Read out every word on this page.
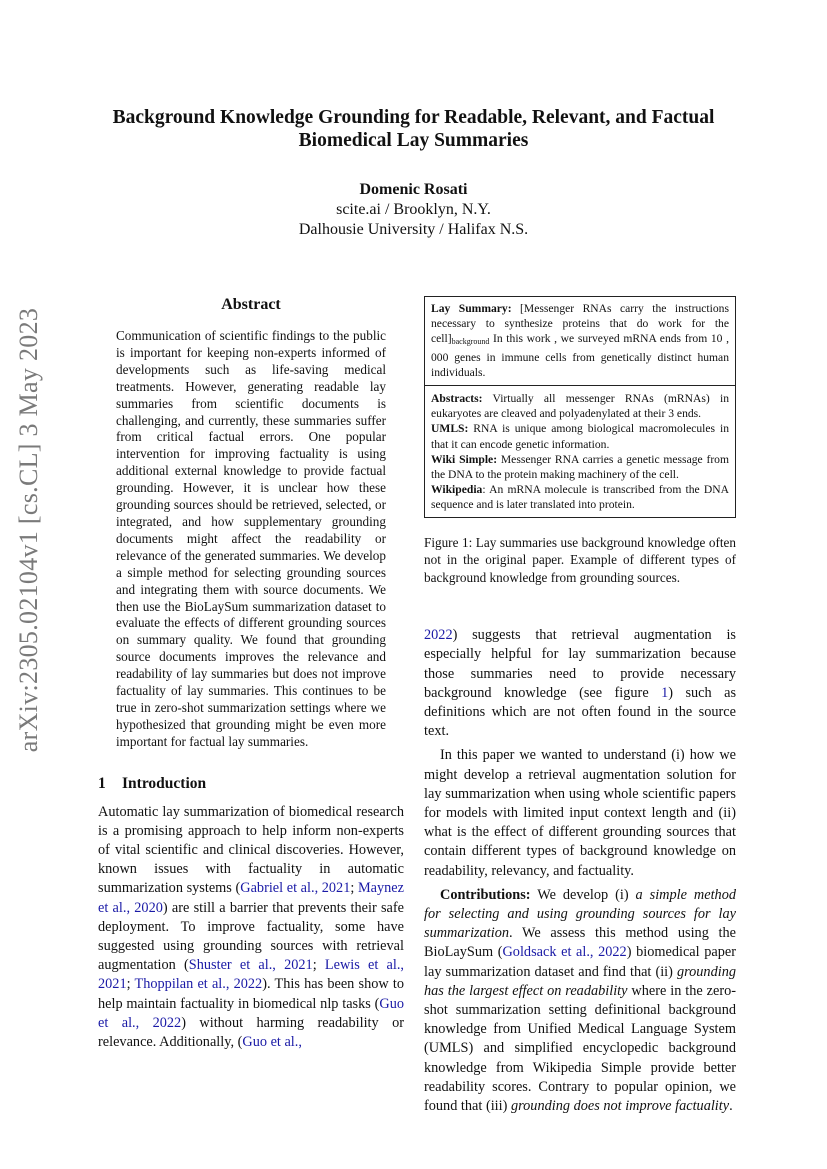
arXiv:2305.02104v1 [cs.CL] 3 May 2023
Background Knowledge Grounding for Readable, Relevant, and Factual
Biomedical Lay Summaries
Domenic Rosati
scite.ai / Brooklyn, N.Y.
Dalhousie University / Halifax N.S.
Abstract

Communication of scientific findings to the public is important for keeping non-experts informed of developments such as life-saving medical treatments. However, generating readable lay summaries from scientific documents is challenging, and currently, these summaries suffer from critical factual errors. One popular intervention for improving factuality is using additional external knowledge to provide factual grounding. However, it is unclear how these grounding sources should be retrieved, selected, or integrated, and how supplementary grounding documents might affect the readability or relevance of the generated summaries. We develop a simple method for selecting grounding sources and integrating them with source documents. We then use the BioLaySum summarization dataset to evaluate the effects of different grounding sources on summary quality. We found that grounding source documents improves the relevance and readability of lay summaries but does not improve factuality of lay summaries. This continues to be true in zero-shot summarization settings where we hypothesized that grounding might be even more important for factual lay summaries.

1 Introduction

Automatic lay summarization of biomedical research is a promising approach to help inform non-experts of vital scientific and clinical discoveries. However, known issues with factuality in automatic summarization systems (Gabriel et al., 2021; Maynez et al., 2020) are still a barrier that prevents their safe deployment. To improve factuality, some have suggested using grounding sources with retrieval augmentation (Shuster et al., 2021; Lewis et al., 2021; Thoppilan et al., 2022). This has been show to help maintain factuality in biomedical nlp tasks (Guo et al., 2022) without harming readability or relevance. Additionally, (Guo et al.,

Lay Summary: [Messenger RNAs carry the instructions necessary to synthesize proteins that do work for the $cell]_{background}$ In this work , we surveyed mRNA ends from 10 , 000 genes in immune cells from genetically distinct human individuals.

Abstracts: Virtually all messenger RNAs (mRNAs) in eukaryotes are cleaved and polyadenylated at their 3 ends.

UMLS: RNA is unique among biological macromolecules in that it can encode genetic information.

Wiki Simple: Messenger RNA carries a genetic message from the DNA to the protein making machinery of the cell.

Wikipedia: An mRNA molecule is transcribed from the DNA sequence and is later translated into protein.

Figure 1: Lay summaries use background knowledge often not in the original paper. Example of different types of background knowledge from grounding sources.

2022) suggests that retrieval augmentation is especially helpful for lay summarization because those summaries need to provide necessary background knowledge (see figure 1) such as definitions which are not often found in the source text.

In this paper we wanted to understand (i) how we might develop a retrieval augmentation solution for lay summarization when using whole scientific papers for models with limited input context length and (ii) what is the effect of different grounding sources that contain different types of background knowledge on readability, relevancy, and factuality.

Contributions: We develop (i) a simple method for selecting and using grounding sources for lay summarization. We assess this method using the BioLaySum (Goldsack et al., 2022) biomedical paper lay summarization dataset and find that (ii) grounding has the largest effect on readability where in the zero-shot summarization setting definitional background knowledge from Unified Medical Language System (UMLS) and simplified encyclopedic background knowledge from Wikipedia Simple provide better readability scores. Contrary to popular opinion, we found that (iii) grounding does not improve factuality.
